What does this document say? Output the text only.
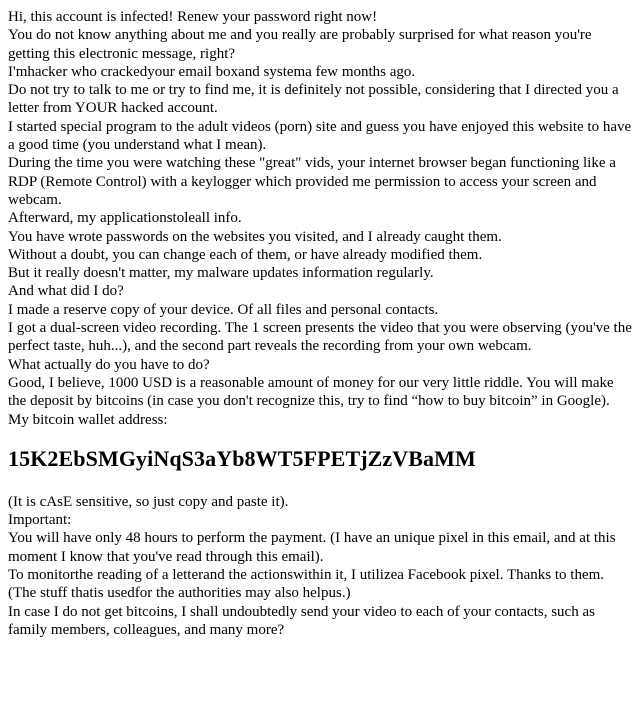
Hi, this account is infected! Renew your password right now!

You do not know anything about me and you really are probably surprised for what reason you're getting this electronic message, right?

I'mhacker who crackedyour email boxand systema few months ago.

Do not try to talk to me or try to find me, it is definitely not possible, considering that I directed you a letter from YOUR hacked account.

I started special program to the adult videos (porn) site and guess you have enjoyed this website to have a good time (you understand what I mean).

During the time you were watching these "great" vids, your internet browser began functioning like a RDP (Remote Control) with a keylogger which provided me permission to access your screen and webcam.

Afterward, my applicationstoleall info.

You have wrote passwords on the websites you visited, and I already caught them.

Without a doubt, you can change each of them, or have already modified them.

But it really doesn't matter, my malware updates information regularly.

And what did I do?

I made a reserve copy of your device. Of all files and personal contacts.

I got a dual-screen video recording. The 1 screen presents the video that you were observing (you've the perfect taste, huh...), and the second part reveals the recording from your own webcam.

What actually do you have to do?

Good, I believe, 1000 USD is a reasonable amount of money for our very little riddle. You will make the deposit by bitcoins (in case you don't recognize this, try to find “how to buy bitcoin” in Google).

My bitcoin wallet address:

15K2EbSMGyiNqS3aYb8WT5FPETjZzVBaMM

(It is cAsE sensitive, so just copy and paste it).

Important:

You will have only 48 hours to perform the payment. (I have an unique pixel in this email, and at this moment I know that you've read through this email).

To monitorthe reading of a letterand the actionswithin it, I utilizea Facebook pixel. Thanks to them. (The stuff thatis usedfor the authorities may also helpus.)

In case I do not get bitcoins, I shall undoubtedly send your video to each of your contacts, such as family members, colleagues, and many more?
